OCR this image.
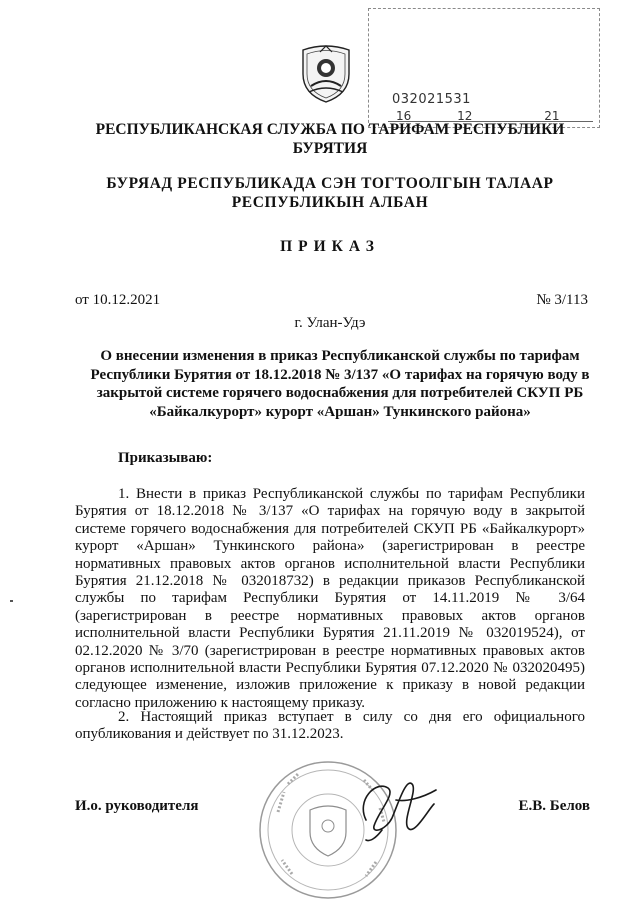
032021531
16	12	21
РЕСПУБЛИКАНСКАЯ СЛУЖБА ПО ТАРИФАМ РЕСПУБЛИКИ
БУРЯТИЯ
БУРЯАД РЕСПУБЛИКАДА СЭН ТОГТООЛГЫН ТАЛААР
РЕСПУБЛИКЫН АЛБАН
ПРИКАЗ
от 10.12.2021	№ 3/113
г. Улан-Удэ
О внесении изменения в приказ Республиканской службы по тарифам
Республики Бурятия от 18.12.2018 № 3/137 «О тарифах на горячую воду в
закрытой системе горячего водоснабжения для потребителей СКУП РБ
«Байкалкурорт» курорт «Аршан» Тункинского района»
Приказываю:
1. Внести в приказ Республиканской службы по тарифам Республики Бурятия от 18.12.2018 № 3/137 «О тарифах на горячую воду в закрытой системе горячего водоснабжения для потребителей СКУП РБ «Байкалкурорт» курорт «Аршан» Тункинского района» (зарегистрирован в реестре нормативных правовых актов органов исполнительной власти Республики Бурятия 21.12.2018 № 032018732) в редакции приказов Республиканской службы по тарифам Республики Бурятия от 14.11.2019 № 3/64 (зарегистрирован в реестре нормативных правовых актов органов исполнительной власти Республики Бурятия 21.11.2019 № 032019524), от 02.12.2020 № 3/70 (зарегистрирован в реестре нормативных правовых актов органов исполнительной власти Республики Бурятия 07.12.2020 № 032020495) следующее изменение, изложив приложение к приказу в новой редакции согласно приложению к настоящему приказу.
2. Настоящий приказ вступает в силу со дня его официального опубликования и действует по 31.12.2023.
И.о. руководителя	Е.В. Белов
